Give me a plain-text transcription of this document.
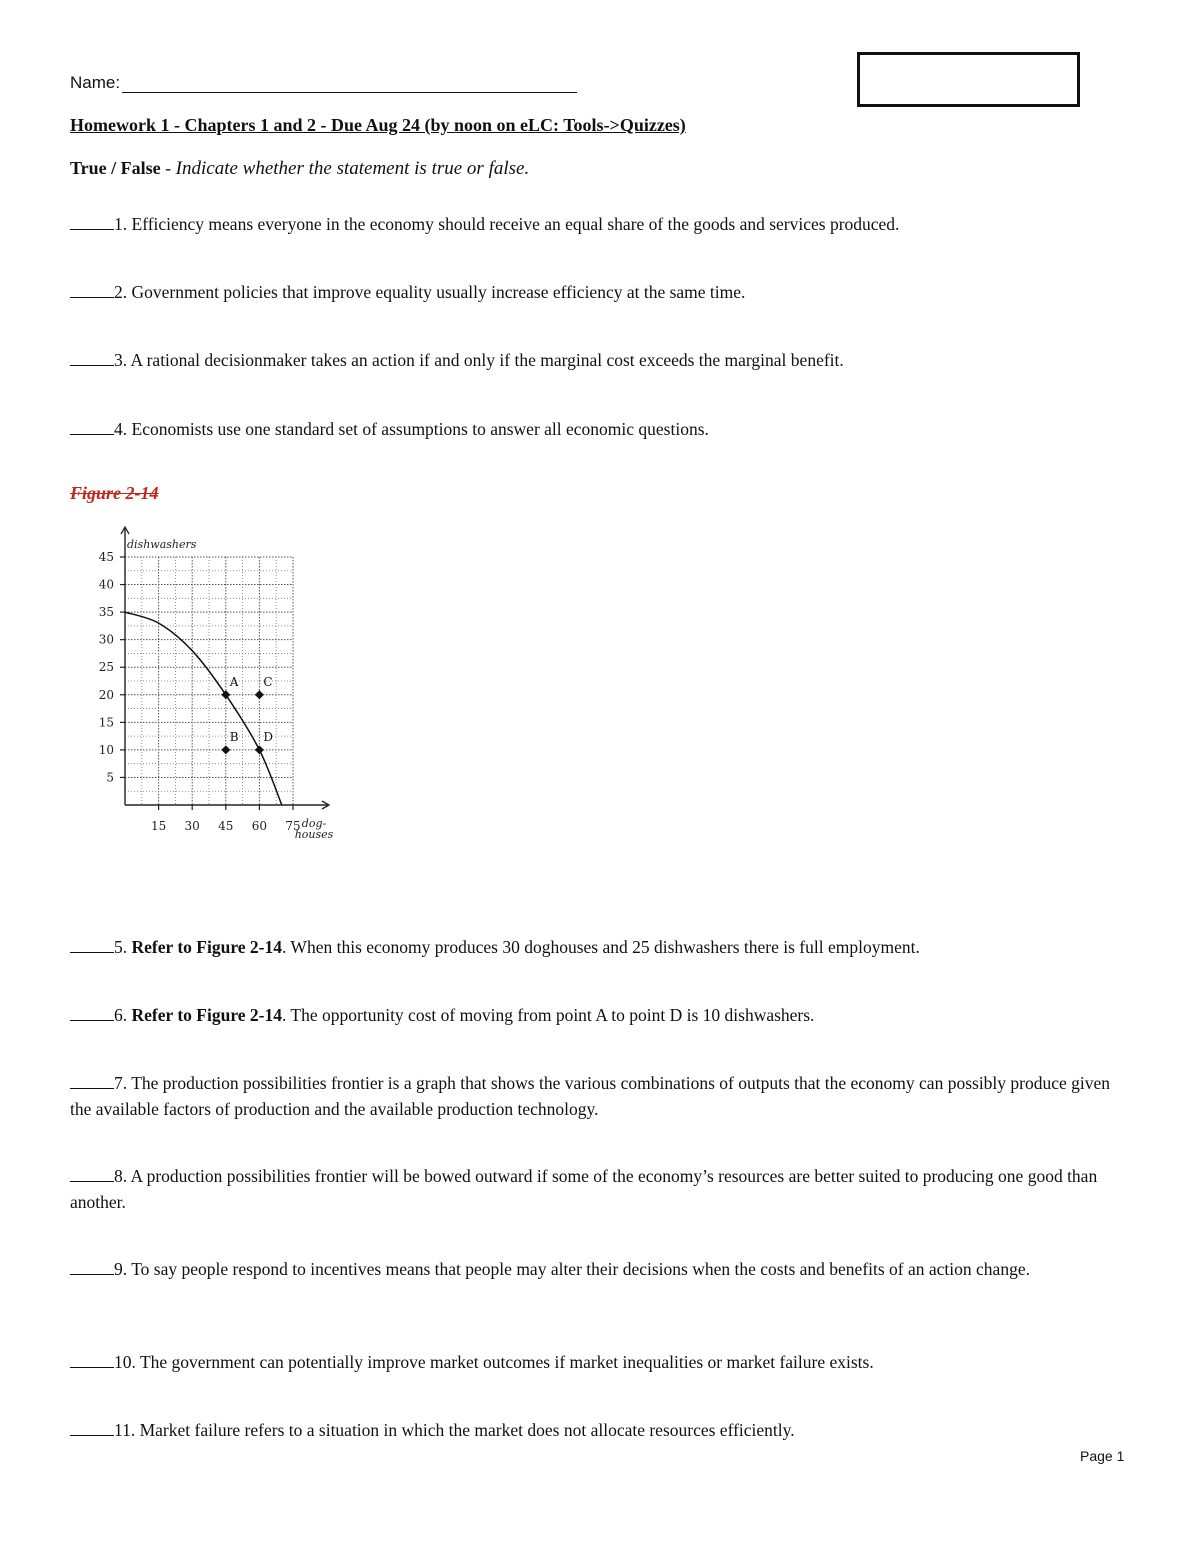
Name:
Homework 1 - Chapters 1 and 2 - Due Aug 24 (by noon on eLC: Tools->Quizzes)
True / False - Indicate whether the statement is true or false.
1. Efficiency means everyone in the economy should receive an equal share of the goods and services produced.
2. Government policies that improve equality usually increase efficiency at the same time.
3. A rational decisionmaker takes an action if and only if the marginal cost exceeds the marginal benefit.
4. Economists use one standard set of assumptions to answer all economic questions.
Figure 2-14
15 30 45 60 75
5
10
15
20
25
30
35
40
45
dishwashers
dog-houses
A C
B D
5. Refer to Figure 2-14. When this economy produces 30 doghouses and 25 dishwashers there is full employment.
6. Refer to Figure 2-14. The opportunity cost of moving from point A to point D is 10 dishwashers.
7. The production possibilities frontier is a graph that shows the various combinations of outputs that the economy can possibly produce given the available factors of production and the available production technology.
8. A production possibilities frontier will be bowed outward if some of the economy’s resources are better suited to producing one good than another.
9. To say people respond to incentives means that people may alter their decisions when the costs and benefits of an action change.
10. The government can potentially improve market outcomes if market inequalities or market failure exists.
11. Market failure refers to a situation in which the market does not allocate resources efficiently.
Page 1
